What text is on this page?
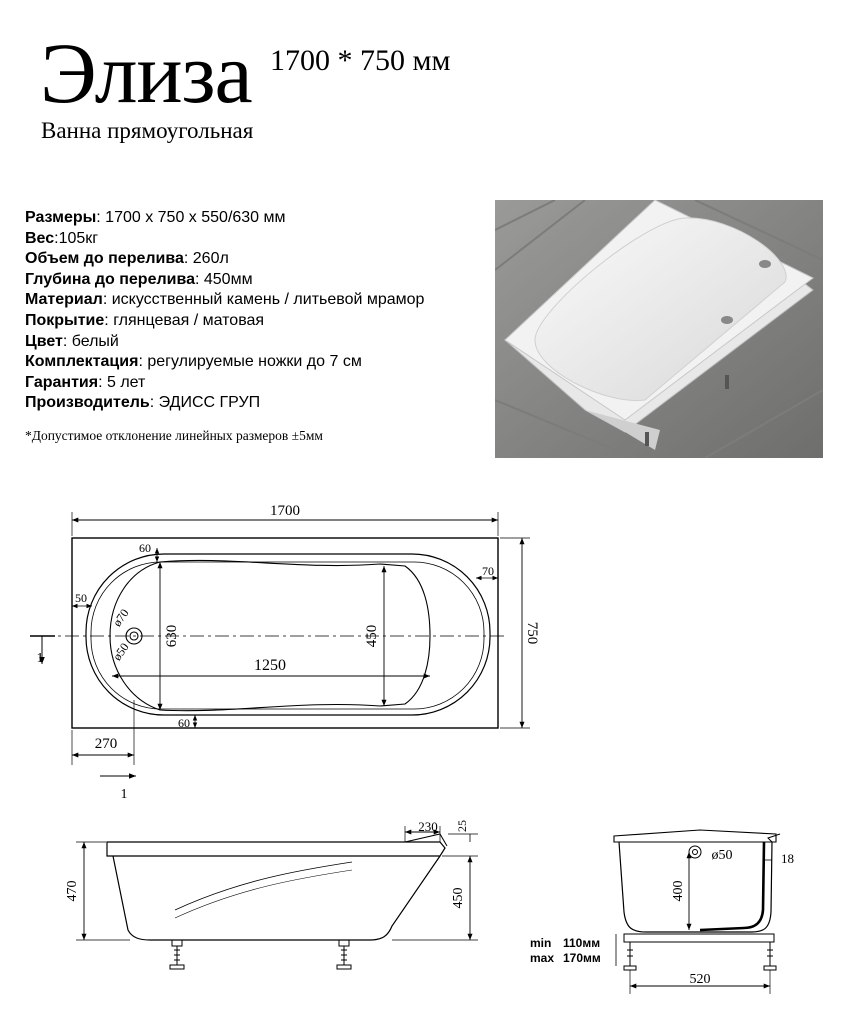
Элиза 1700 * 750 мм
Ванна прямоугольная
Размеры: 1700 х 750 х 550/630 мм
Вес:105кг
Объем до перелива: 260л
Глубина до перелива: 450мм
Материал: искусственный камень / литьевой мрамор
Покрытие: глянцевая / матовая
Цвет: белый
Комплектация: регулируемые ножки до 7 см
Гарантия: 5 лет
Производитель: ЭДИСС ГРУП
*Допустимое отклонение линейных размеров ±5мм
1700
750
60
60
70
50
630	450
1250
270
ø70
ø50
1
1
470	450
230 25
ø50	18
400
520
min 110мм
max 170мм
